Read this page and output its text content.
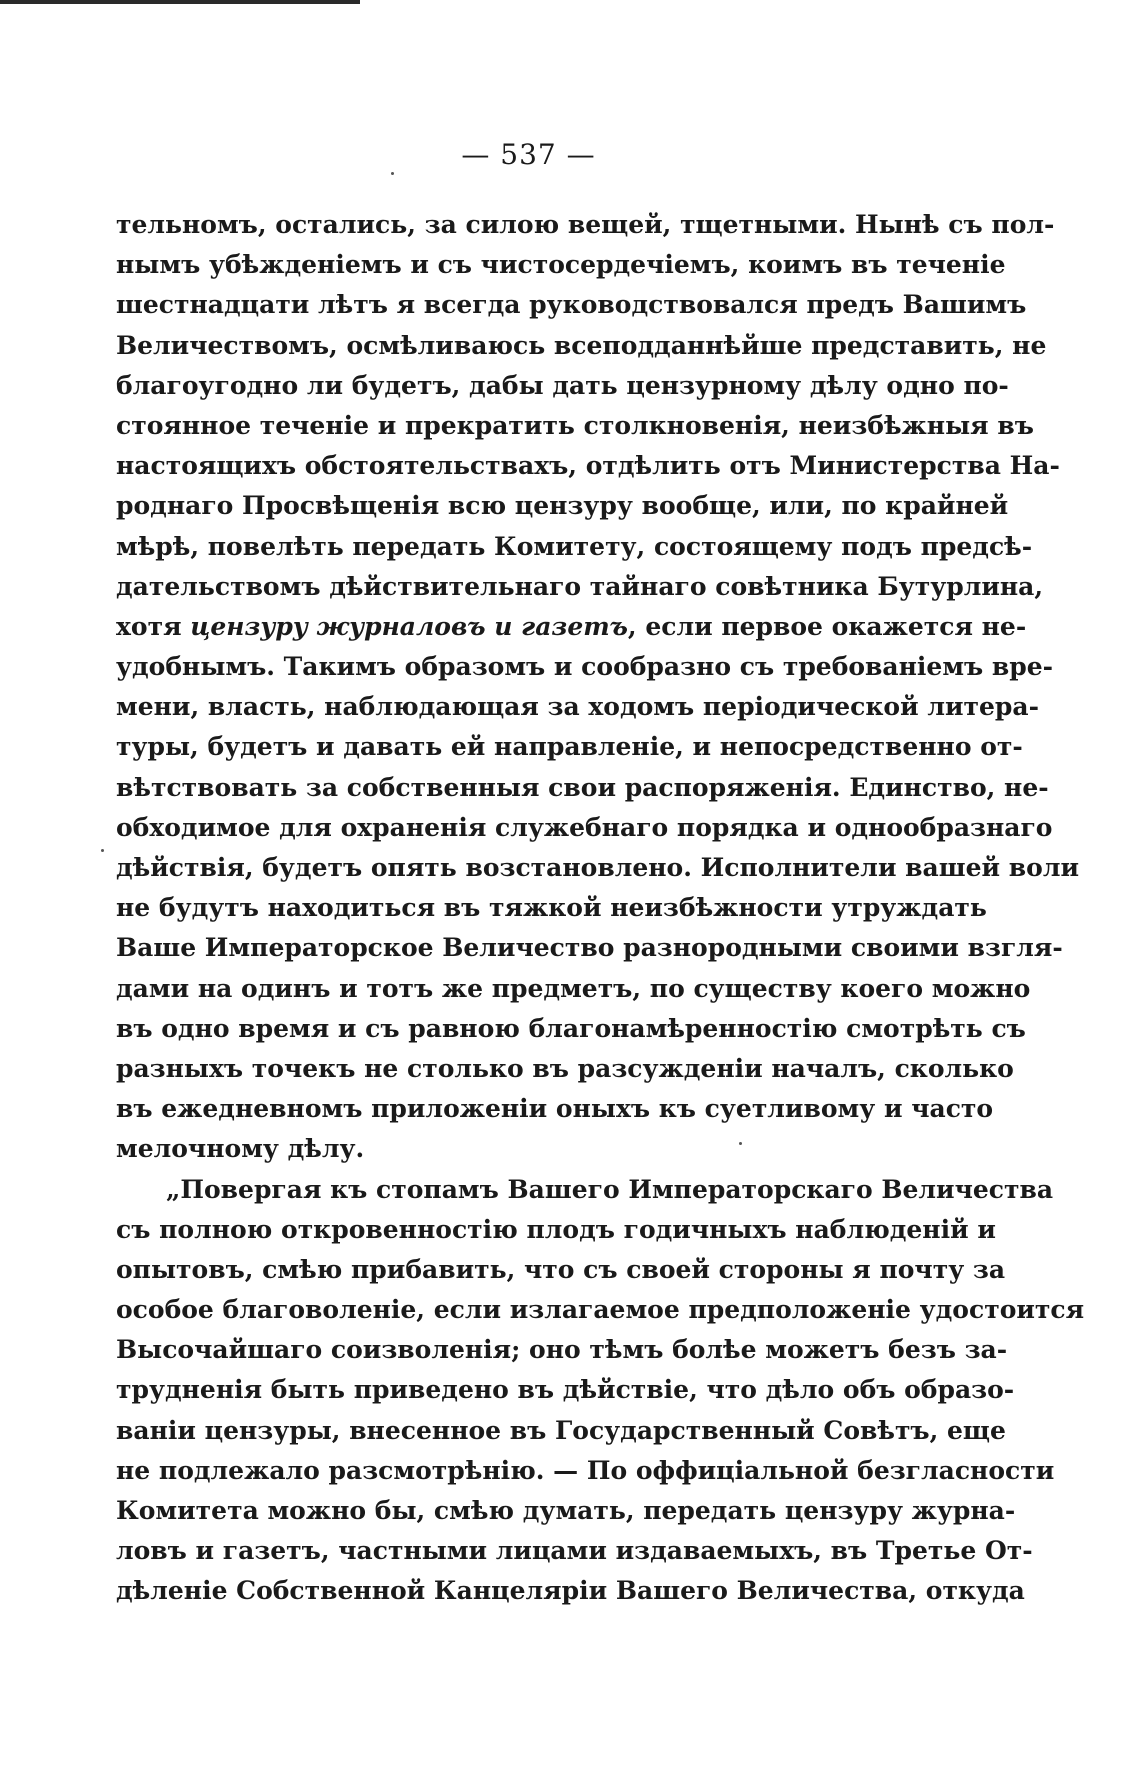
— 537 —
тельномъ, остались, за силою вещей, тщетными. Нынѣ съ пол-
нымъ убѣжденіемъ и съ чистосердечіемъ, коимъ въ теченіе
шестнадцати лѣтъ я всегда руководствовался предъ Вашимъ
Величествомъ, осмѣливаюсь всеподданнѣйше представить, не
благоугодно ли будетъ, дабы дать цензурному дѣлу одно по-
стоянное теченіе и прекратить столкновенія, неизбѣжныя въ
настоящихъ обстоятельствахъ, отдѣлить отъ Министерства На-
роднаго Просвѣщенія всю цензуру вообще, или, по крайней
мѣрѣ, повелѣть передать Комитету, состоящему подъ предсѣ-
дательствомъ дѣйствительнаго тайнаго совѣтника Бутурлина,
хотя цензуру журналовъ и газетъ, если первое окажется не-
удобнымъ. Такимъ образомъ и сообразно съ требованіемъ вре-
мени, власть, наблюдающая за ходомъ періодической литера-
туры, будетъ и давать ей направленіе, и непосредственно от-
вѣтствовать за собственныя свои распоряженія. Единство, не-
обходимое для охраненія служебнаго порядка и однообразнаго
дѣйствія, будетъ опять возстановлено. Исполнители вашей воли
не будутъ находиться въ тяжкой неизбѣжности утруждать
Ваше Императорское Величество разнородными своими взгля-
дами на одинъ и тотъ же предметъ, по существу коего можно
въ одно время и съ равною благонамѣренностію смотрѣть съ
разныхъ точекъ не столько въ разсужденіи началъ, сколько
въ ежедневномъ приложеніи оныхъ къ суетливому и часто
мелочному дѣлу.
„Повергая къ стопамъ Вашего Императорскаго Величества
съ полною откровенностію плодъ годичныхъ наблюденій и
опытовъ, смѣю прибавить, что съ своей стороны я почту за
особое благоволеніе, если излагаемое предположеніе удостоится
Высочайшаго соизволенія; оно тѣмъ болѣе можетъ безъ за-
трудненія быть приведено въ дѣйствіе, что дѣло объ образо-
ваніи цензуры, внесенное въ Государственный Совѣтъ, еще
не подлежало разсмотрѣнію. — По оффиціальной безгласности
Комитета можно бы, смѣю думать, передать цензуру журна-
ловъ и газетъ, частными лицами издаваемыхъ, въ Третье От-
дѣленіе Собственной Канцеляріи Вашего Величества, откуда
